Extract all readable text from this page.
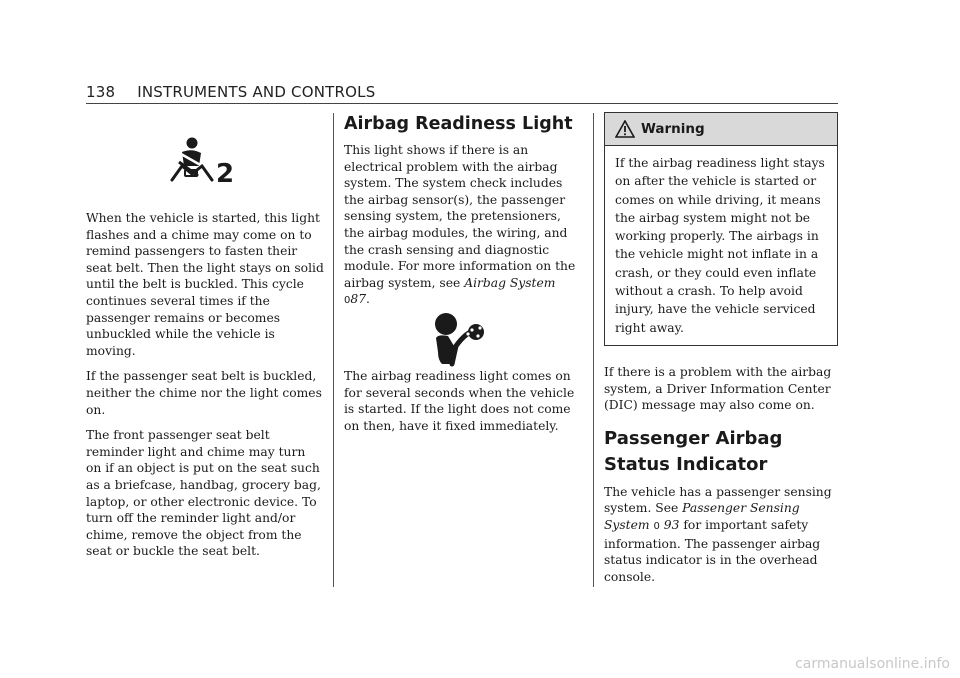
138 INSTRUMENTS AND CONTROLS
2

When the vehicle is started, this light flashes and a chime may come on to remind passengers to fasten their seat belt. Then the light stays on solid until the belt is buckled. This cycle continues several times if the passenger remains or becomes unbuckled while the vehicle is moving.

If the passenger seat belt is buckled, neither the chime nor the light comes on.

The front passenger seat belt reminder light and chime may turn on if an object is put on the seat such as a briefcase, handbag, grocery bag, laptop, or other electronic device. To turn off the reminder light and/or chime, remove the object from the seat or buckle the seat belt.

Airbag Readiness Light

This light shows if there is an electrical problem with the airbag system. The system check includes the airbag sensor(s), the passenger sensing system, the pretensioners, the airbag modules, the wiring, and the crash sensing and diagnostic module. For more information on the airbag system, see Airbag System 087.

The airbag readiness light comes on for several seconds when the vehicle is started. If the light does not come on then, have it fixed immediately.

Warning
If the airbag readiness light stays on after the vehicle is started or comes on while driving, it means the airbag system might not be working properly. The airbags in the vehicle might not inflate in a crash, or they could even inflate without a crash. To help avoid injury, have the vehicle serviced right away.

If there is a problem with the airbag system, a Driver Information Center (DIC) message may also come on.

Passenger Airbag Status Indicator

The vehicle has a passenger sensing system. See Passenger Sensing System 0 93 for important safety information. The passenger airbag status indicator is in the overhead console.

carmanualsonline.info
